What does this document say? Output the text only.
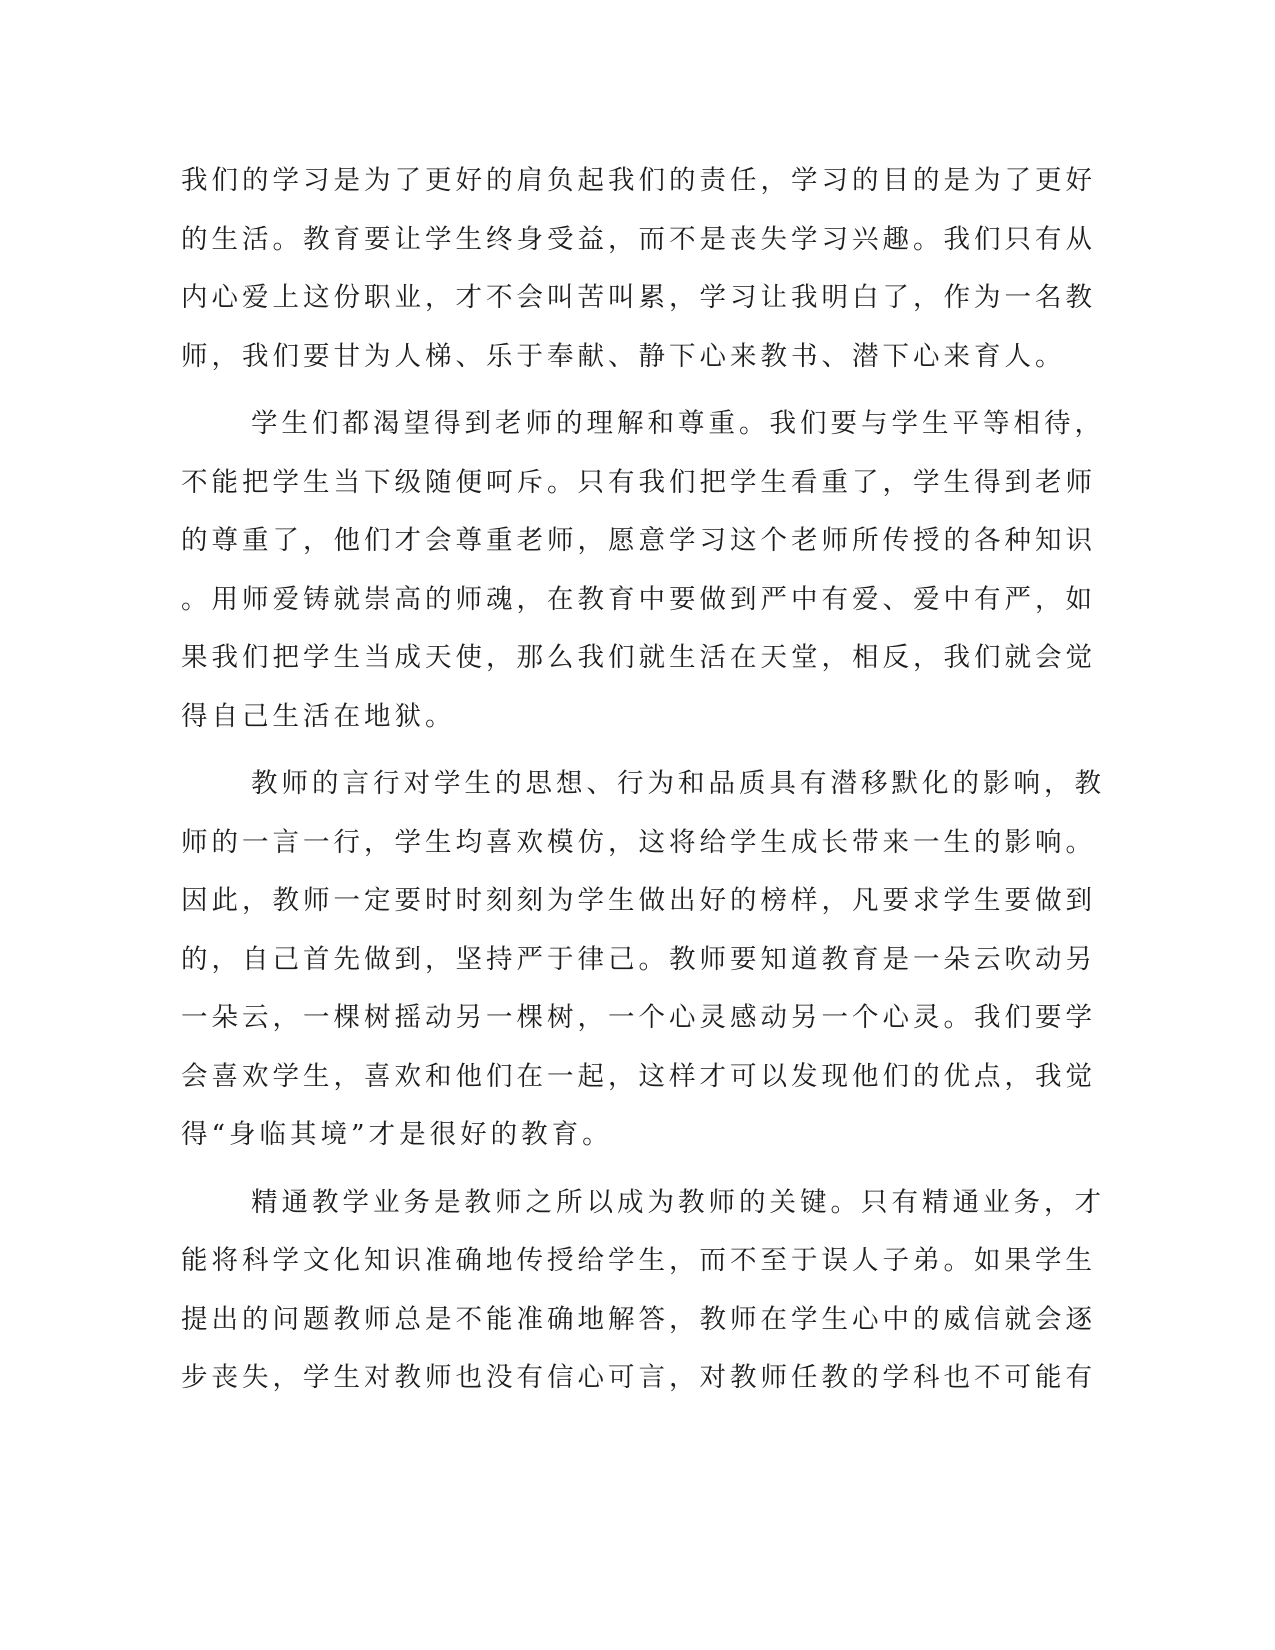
我们的学习是为了更好的肩负起我们的责任，学习的目的是为了更好
的生活。教育要让学生终身受益，而不是丧失学习兴趣。我们只有从
内心爱上这份职业，才不会叫苦叫累，学习让我明白了，作为一名教
师，我们要甘为人梯、乐于奉献、静下心来教书、潜下心来育人。
学生们都渴望得到老师的理解和尊重。我们要与学生平等相待，
不能把学生当下级随便呵斥。只有我们把学生看重了，学生得到老师
的尊重了，他们才会尊重老师，愿意学习这个老师所传授的各种知识
。用师爱铸就崇高的师魂，在教育中要做到严中有爱、爱中有严，如
果我们把学生当成天使，那么我们就生活在天堂，相反，我们就会觉
得自己生活在地狱。
教师的言行对学生的思想、行为和品质具有潜移默化的影响，教
师的一言一行，学生均喜欢模仿，这将给学生成长带来一生的影响。
因此，教师一定要时时刻刻为学生做出好的榜样，凡要求学生要做到
的，自己首先做到，坚持严于律己。教师要知道教育是一朵云吹动另
一朵云，一棵树摇动另一棵树，一个心灵感动另一个心灵。我们要学
会喜欢学生，喜欢和他们在一起，这样才可以发现他们的优点，我觉
得“身临其境”才是很好的教育。
精通教学业务是教师之所以成为教师的关键。只有精通业务，才
能将科学文化知识准确地传授给学生，而不至于误人子弟。如果学生
提出的问题教师总是不能准确地解答，教师在学生心中的威信就会逐
步丧失，学生对教师也没有信心可言，对教师任教的学科也不可能有
